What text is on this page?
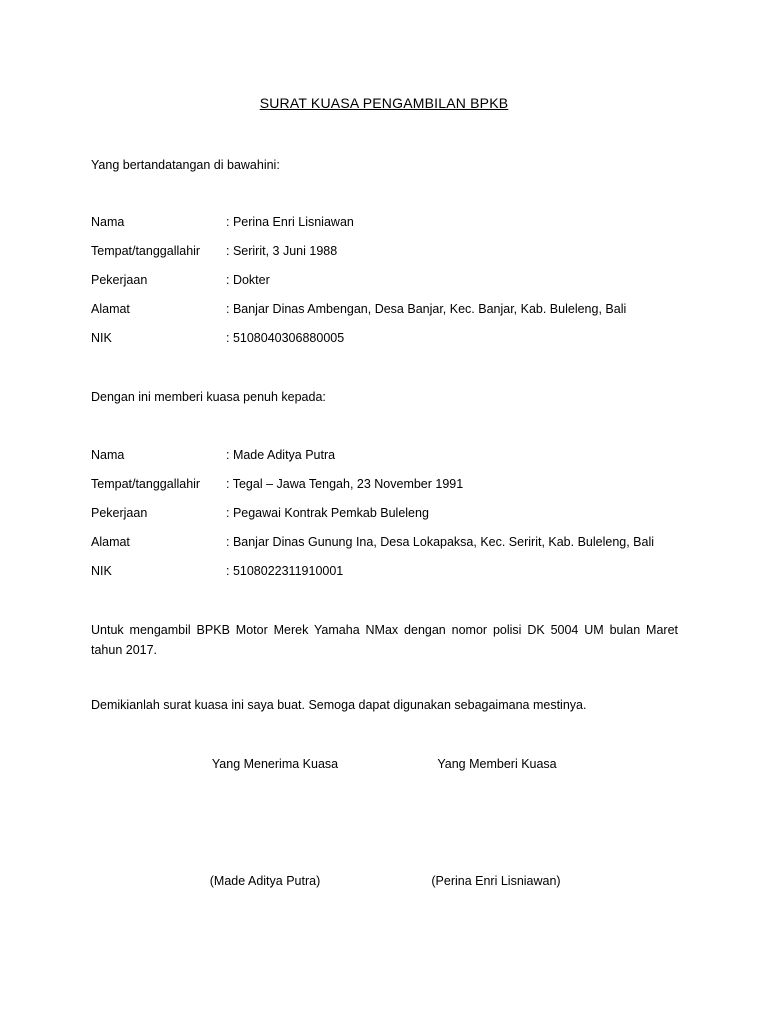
SURAT KUASA PENGAMBILAN BPKB
Yang bertandatangan di bawahini:
Nama	: Perina Enri Lisniawan
Tempat/tanggallahir : Seririt, 3 Juni 1988
Pekerjaan	: Dokter
Alamat	: Banjar Dinas Ambengan, Desa Banjar, Kec. Banjar, Kab. Buleleng, Bali
NIK	: 5108040306880005
Dengan ini memberi kuasa penuh kepada:
Nama	: Made Aditya Putra
Tempat/tanggallahir : Tegal – Jawa Tengah, 23 November 1991
Pekerjaan	: Pegawai Kontrak Pemkab Buleleng
Alamat	: Banjar Dinas Gunung Ina, Desa Lokapaksa, Kec. Seririt, Kab. Buleleng, Bali
NIK	: 5108022311910001
Untuk mengambil BPKB Motor Merek Yamaha NMax dengan nomor polisi DK 5004 UM bulan Maret tahun 2017.
Demikianlah surat kuasa ini saya buat. Semoga dapat digunakan sebagaimana mestinya.
Yang Menerima Kuasa	Yang Memberi Kuasa
(Made Aditya Putra)	(Perina Enri Lisniawan)
